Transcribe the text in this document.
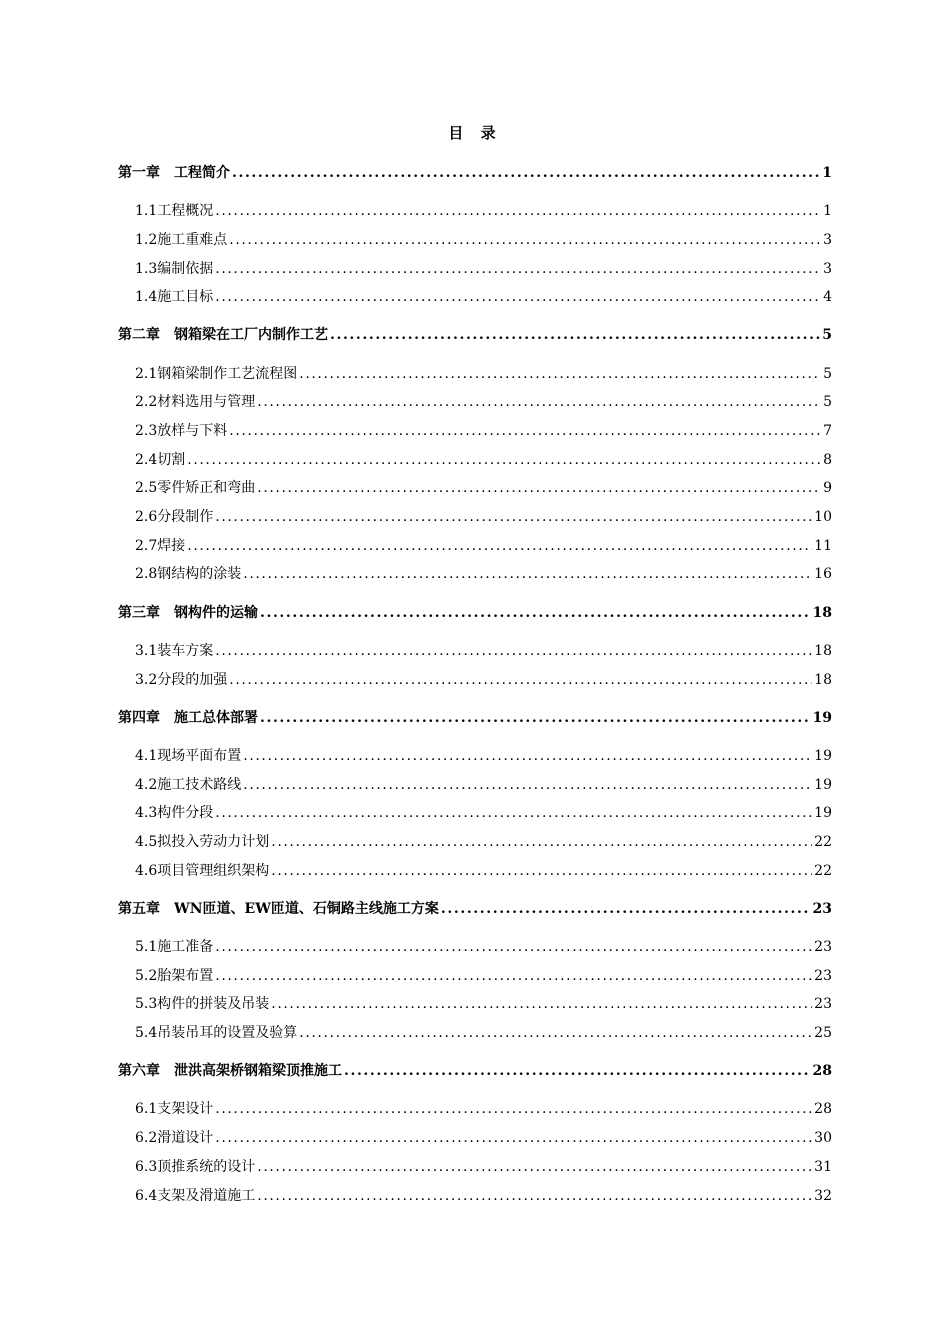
目 录
第一章　工程简介 .....	1
1.1工程概况 .....	1
1.2施工重难点 .....	3
1.3编制依据 .....	3
1.4施工目标 .....	4
第二章　钢箱梁在工厂内制作工艺 .....	5
2.1钢箱梁制作工艺流程图 .....	5
2.2材料选用与管理 .....	5
2.3放样与下料 .....	7
2.4切割 .....	8
2.5零件矫正和弯曲 .....	9
2.6分段制作 .....	10
2.7焊接 .....	11
2.8钢结构的涂装 .....	16
第三章　钢构件的运输 .....	18
3.1装车方案 .....	18
3.2分段的加强 .....	18
第四章　施工总体部署 .....	19
4.1现场平面布置 .....	19
4.2施工技术路线 .....	19
4.3构件分段 .....	19
4.5拟投入劳动力计划 .....	22
4.6项目管理组织架构 .....	22
第五章　WN匝道、EW匝道、石铜路主线施工方案 .....	23
5.1施工准备 .....	23
5.2胎架布置 .....	23
5.3构件的拼装及吊装 .....	23
5.4吊装吊耳的设置及验算 .....	25
第六章　泄洪高架桥钢箱梁顶推施工 .....	28
6.1支架设计 .....	28
6.2滑道设计 .....	30
6.3顶推系统的设计 .....	31
6.4支架及滑道施工 .....	32
